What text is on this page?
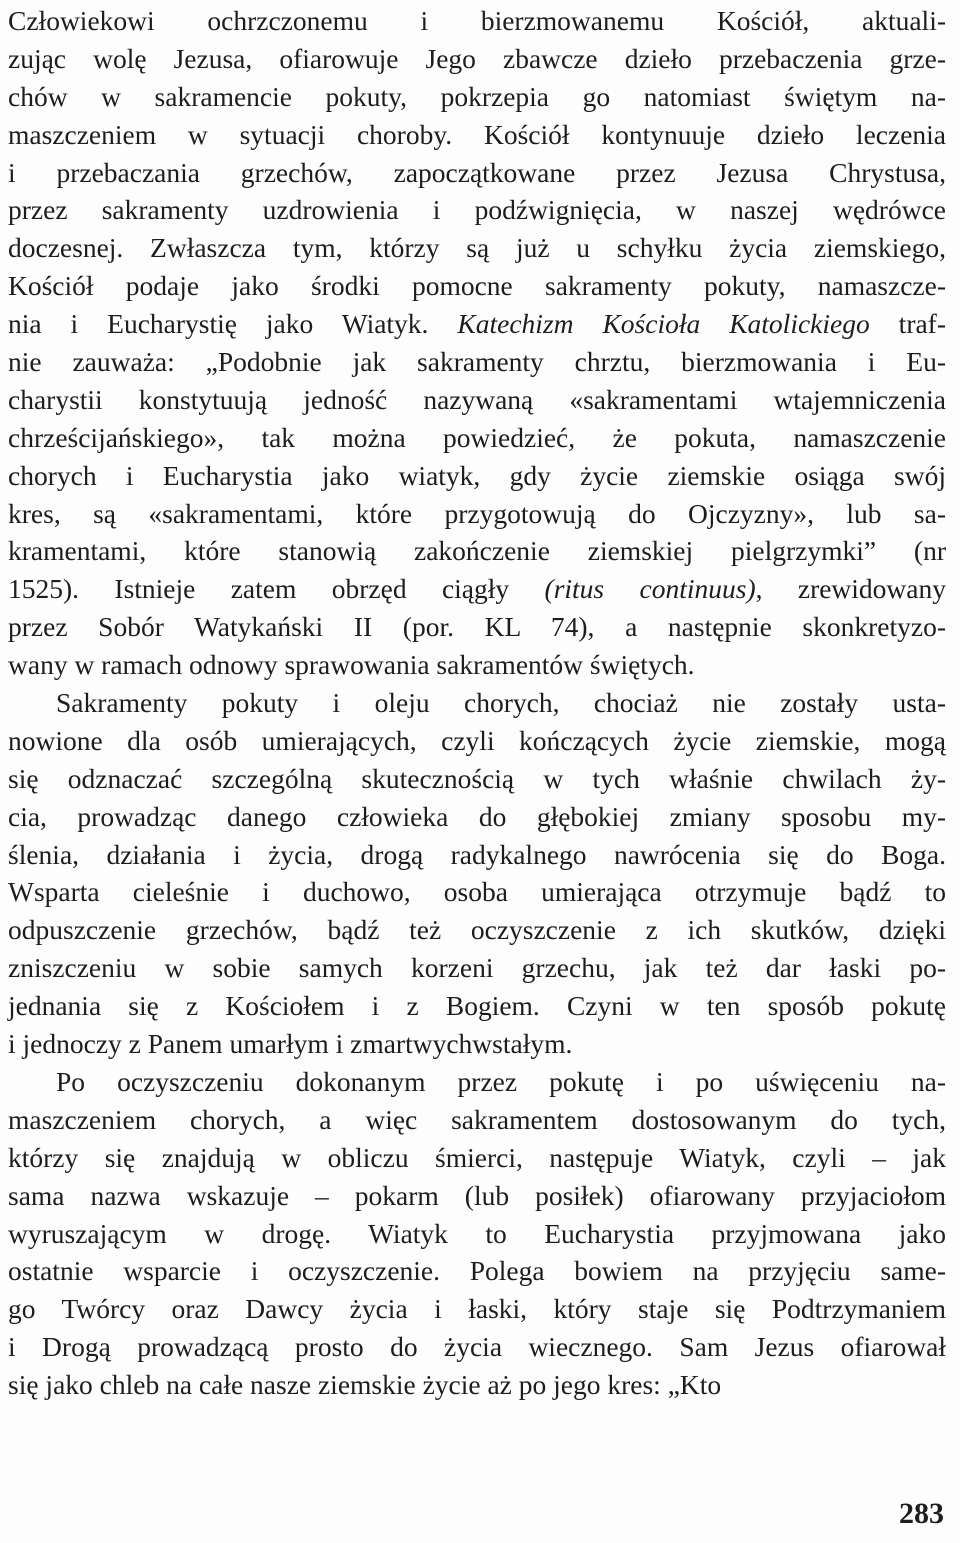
Człowiekowi ochrzczonemu i bierzmowanemu Kościół, aktuali-
zując wolę Jezusa, ofiarowuje Jego zbawcze dzieło przebaczenia grze-
chów w sakramencie pokuty, pokrzepia go natomiast świętym na-
maszczeniem w sytuacji choroby. Kościół kontynuuje dzieło leczenia
i przebaczania grzechów, zapoczątkowane przez Jezusa Chrystusa,
przez sakramenty uzdrowienia i podźwignięcia, w naszej wędrówce
doczesnej. Zwłaszcza tym, którzy są już u schyłku życia ziemskiego,
Kościół podaje jako środki pomocne sakramenty pokuty, namaszcze-
nia i Eucharystię jako Wiatyk. Katechizm Kościoła Katolickiego traf-
nie zauważa: „Podobnie jak sakramenty chrztu, bierzmowania i Eu-
charystii konstytuują jedność nazywaną «sakramentami wtajemniczenia
chrześcijańskiego», tak można powiedzieć, że pokuta, namaszczenie
chorych i Eucharystia jako wiatyk, gdy życie ziemskie osiąga swój
kres, są «sakramentami, które przygotowują do Ojczyzny», lub sa-
kramentami, które stanowią zakończenie ziemskiej pielgrzymki” (nr
1525). Istnieje zatem obrzęd ciągły (ritus continuus), zrewidowany
przez Sobór Watykański II (por. KL 74), a następnie skonkretyzo-
wany w ramach odnowy sprawowania sakramentów świętych.
Sakramenty pokuty i oleju chorych, chociaż nie zostały usta-
nowione dla osób umierających, czyli kończących życie ziemskie, mogą
się odznaczać szczególną skutecznością w tych właśnie chwilach ży-
cia, prowadząc danego człowieka do głębokiej zmiany sposobu my-
ślenia, działania i życia, drogą radykalnego nawrócenia się do Boga.
Wsparta cieleśnie i duchowo, osoba umierająca otrzymuje bądź to
odpuszczenie grzechów, bądź też oczyszczenie z ich skutków, dzięki
zniszczeniu w sobie samych korzeni grzechu, jak też dar łaski po-
jednania się z Kościołem i z Bogiem. Czyni w ten sposób pokutę
i jednoczy z Panem umarłym i zmartwychwstałym.
Po oczyszczeniu dokonanym przez pokutę i po uświęceniu na-
maszczeniem chorych, a więc sakramentem dostosowanym do tych,
którzy się znajdują w obliczu śmierci, następuje Wiatyk, czyli – jak
sama nazwa wskazuje – pokarm (lub posiłek) ofiarowany przyjaciołom
wyruszającym w drogę. Wiatyk to Eucharystia przyjmowana jako
ostatnie wsparcie i oczyszczenie. Polega bowiem na przyjęciu same-
go Twórcy oraz Dawcy życia i łaski, który staje się Podtrzymaniem
i Drogą prowadzącą prosto do życia wiecznego. Sam Jezus ofiarował
się jako chleb na całe nasze ziemskie życie aż po jego kres: „Kto
283
